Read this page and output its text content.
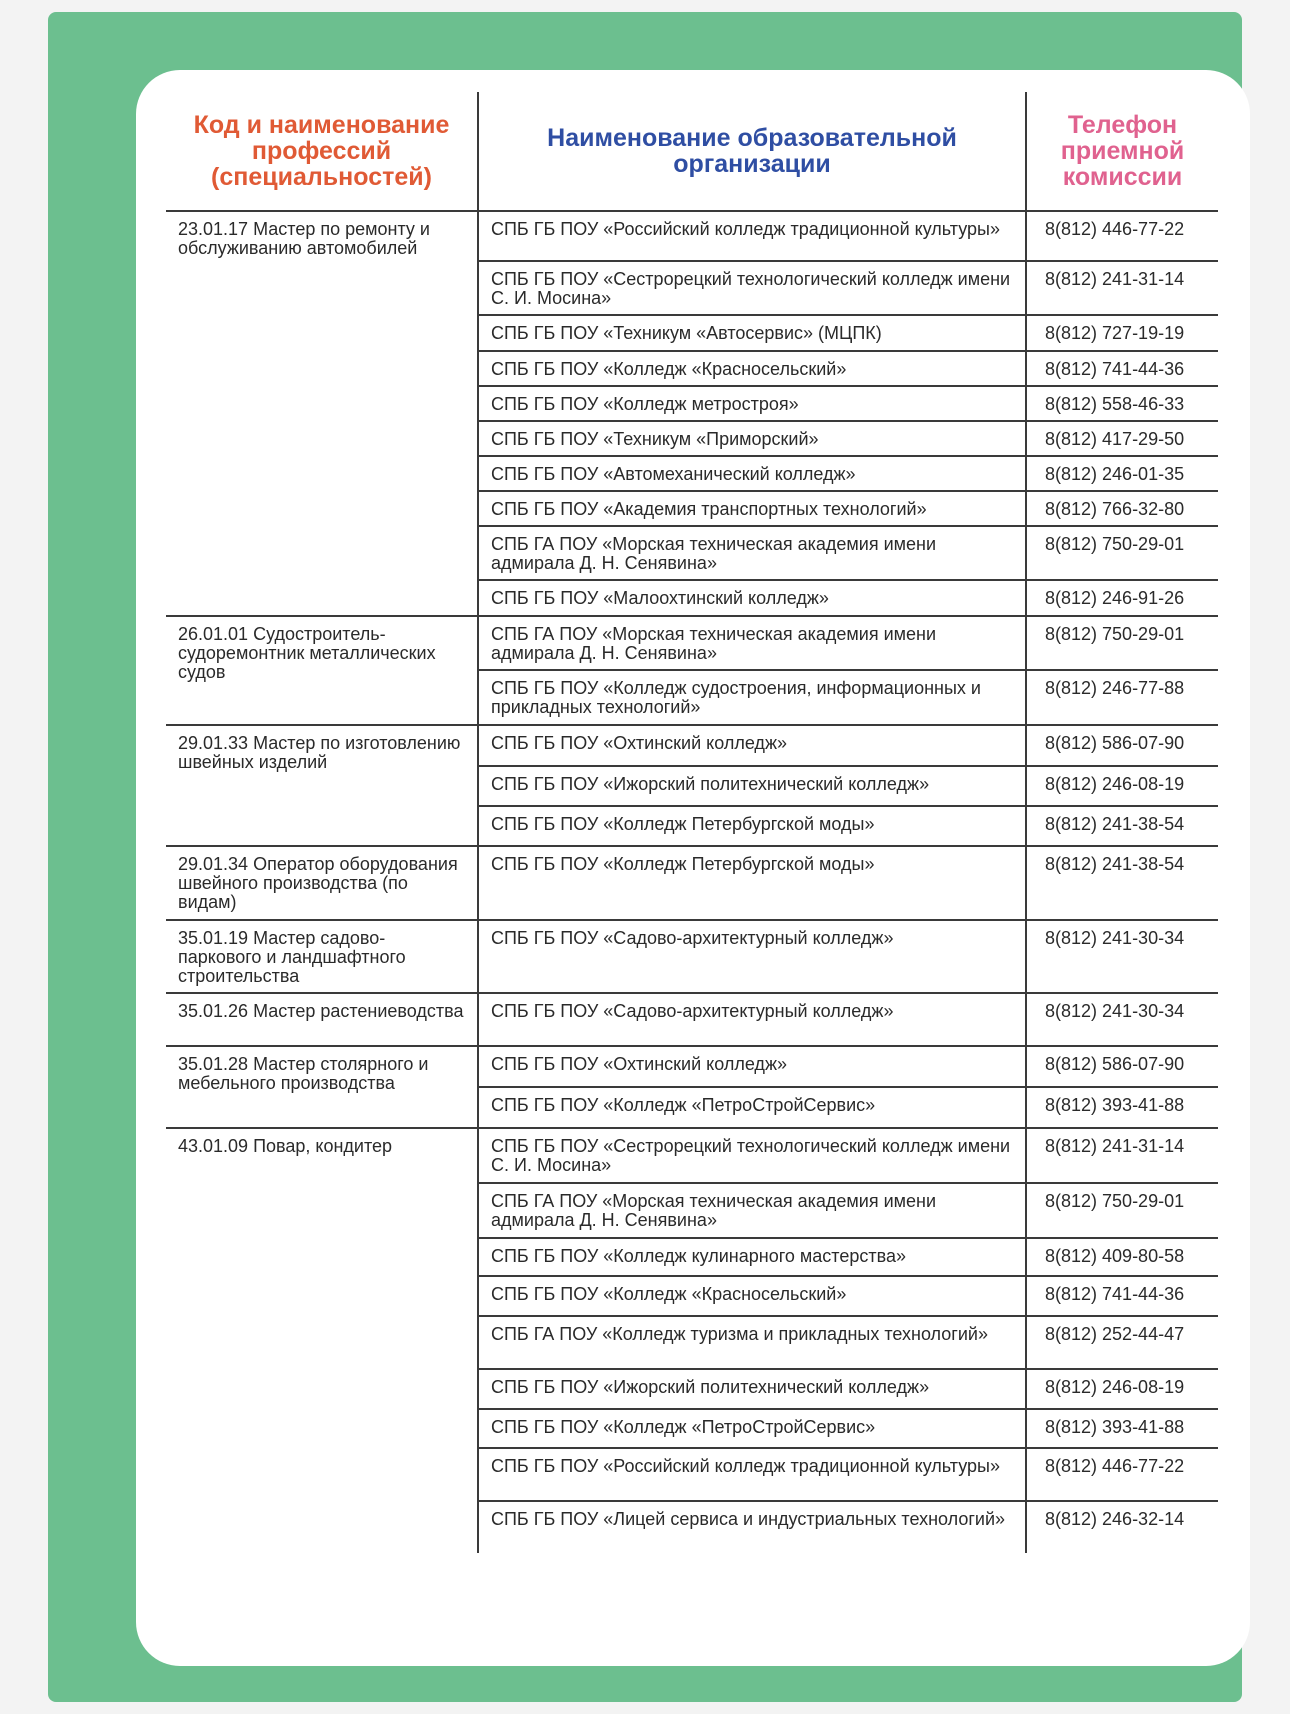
Код и наименование профессий (специальностей)	Наименование образовательной организации	Телефон приемной комиссии
23.01.17 Мастер по ремонту и обслуживанию автомобилей	СПБ ГБ ПОУ «Российский колледж традиционной культуры»	8(812) 446-77-22
	СПБ ГБ ПОУ «Сестрорецкий технологический колледж имени С. И. Мосина»	8(812) 241-31-14
	СПБ ГБ ПОУ «Техникум «Автосервис» (МЦПК)	8(812) 727-19-19
	СПБ ГБ ПОУ «Колледж «Красносельский»	8(812) 741-44-36
	СПБ ГБ ПОУ «Колледж метростроя»	8(812) 558-46-33
	СПБ ГБ ПОУ «Техникум «Приморский»	8(812) 417-29-50
	СПБ ГБ ПОУ «Автомеханический колледж»	8(812) 246-01-35
	СПБ ГБ ПОУ «Академия транспортных технологий»	8(812) 766-32-80
	СПБ ГА ПОУ «Морская техническая академия имени адмирала Д. Н. Сенявина»	8(812) 750-29-01
	СПБ ГБ ПОУ «Малоохтинский колледж»	8(812) 246-91-26
26.01.01 Судостроитель-судоремонтник металлических судов	СПБ ГА ПОУ «Морская техническая академия имени адмирала Д. Н. Сенявина»	8(812) 750-29-01
	СПБ ГБ ПОУ «Колледж судостроения, информационных и прикладных технологий»	8(812) 246-77-88
29.01.33 Мастер по изготовлению швейных изделий	СПБ ГБ ПОУ «Охтинский колледж»	8(812) 586-07-90
	СПБ ГБ ПОУ «Ижорский политехнический колледж»	8(812) 246-08-19
	СПБ ГБ ПОУ «Колледж Петербургской моды»	8(812) 241-38-54
29.01.34 Оператор оборудования швейного производства (по видам)	СПБ ГБ ПОУ «Колледж Петербургской моды»	8(812) 241-38-54
35.01.19 Мастер садово-паркового и ландшафтного строительства	СПБ ГБ ПОУ «Садово-архитектурный колледж»	8(812) 241-30-34
35.01.26 Мастер растениеводства	СПБ ГБ ПОУ «Садово-архитектурный колледж»	8(812) 241-30-34
35.01.28 Мастер столярного и мебельного производства	СПБ ГБ ПОУ «Охтинский колледж»	8(812) 586-07-90
	СПБ ГБ ПОУ «Колледж «ПетроСтройСервис»	8(812) 393-41-88
43.01.09 Повар, кондитер	СПБ ГБ ПОУ «Сестрорецкий технологический колледж имени С. И. Мосина»	8(812) 241-31-14
	СПБ ГА ПОУ «Морская техническая академия имени адмирала Д. Н. Сенявина»	8(812) 750-29-01
	СПБ ГБ ПОУ «Колледж кулинарного мастерства»	8(812) 409-80-58
	СПБ ГБ ПОУ «Колледж «Красносельский»	8(812) 741-44-36
	СПБ ГА ПОУ «Колледж туризма и прикладных технологий»	8(812) 252-44-47
	СПБ ГБ ПОУ «Ижорский политехнический колледж»	8(812) 246-08-19
	СПБ ГБ ПОУ «Колледж «ПетроСтройСервис»	8(812) 393-41-88
	СПБ ГБ ПОУ «Российский колледж традиционной культуры»	8(812) 446-77-22
	СПБ ГБ ПОУ «Лицей сервиса и индустриальных технологий»	8(812) 246-32-14
